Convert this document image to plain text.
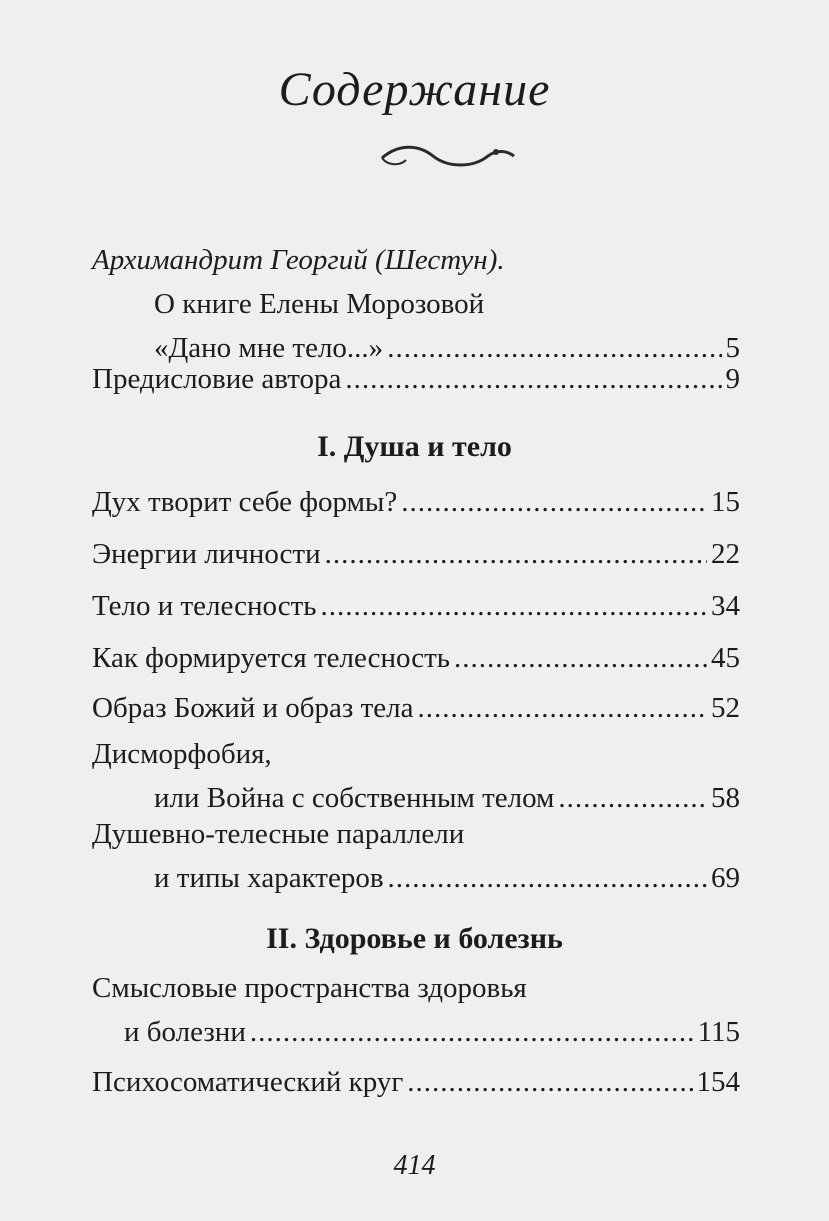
Содержание
Архимандрит Георгий (Шестун).
О книге Елены Морозовой
«Дано мне тело...» .....	5
Предисловие автора .....	9
I. Душа и тело
Дух творит себе формы? .....	15
Энергии личности .....	22
Тело и телесность .....	34
Как формируется телесность .....	45
Образ Божий и образ тела .....	52
Дисморфобия,
или Война с собственным телом .....	58
Душевно-телесные параллели
и типы характеров .....	69
II. Здоровье и болезнь
Смысловые пространства здоровья
и болезни .....	115
Психосоматический круг .....	154
414
